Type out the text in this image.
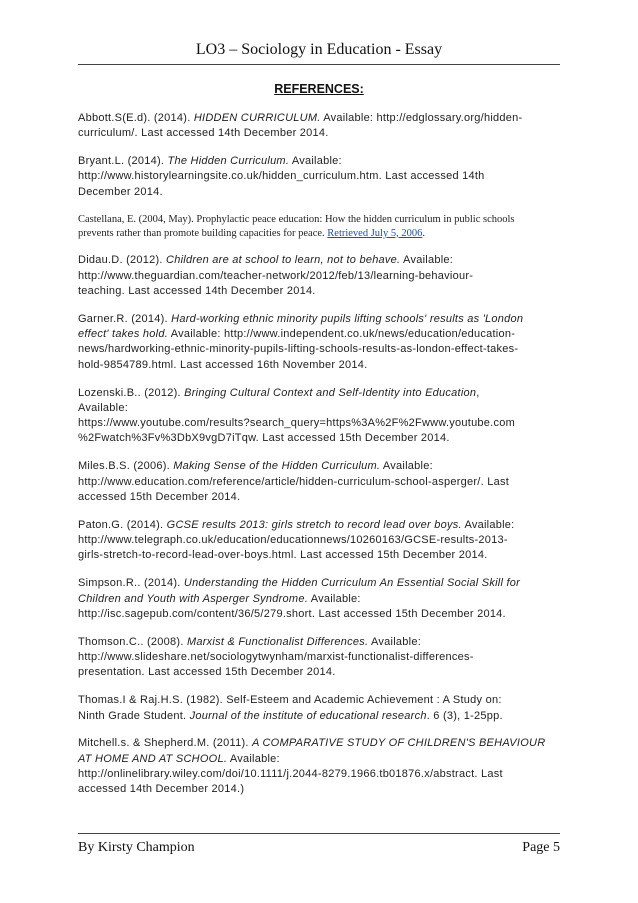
LO3 – Sociology in Education - Essay
REFERENCES:
Abbott.S(E.d). (2014). HIDDEN CURRICULUM. Available: http://edglossary.org/hidden-
curriculum/. Last accessed 14th December 2014.
Bryant.L. (2014). The Hidden Curriculum. Available:
http://www.historylearningsite.co.uk/hidden_curriculum.htm. Last accessed 14th
December 2014.
Castellana, E. (2004, May). Prophylactic peace education: How the hidden curriculum in public schools
prevents rather than promote building capacities for peace. Retrieved July 5, 2006.
Didau.D. (2012). Children are at school to learn, not to behave. Available:
http://www.theguardian.com/teacher-network/2012/feb/13/learning-behaviour-
teaching. Last accessed 14th December 2014.
Garner.R. (2014). Hard-working ethnic minority pupils lifting schools' results as 'London
effect' takes hold. Available: http://www.independent.co.uk/news/education/education-
news/hardworking-ethnic-minority-pupils-lifting-schools-results-as-london-effect-takes-
hold-9854789.html. Last accessed 16th November 2014.
Lozenski.B.. (2012). Bringing Cultural Context and Self-Identity into Education,
Available:
https://www.youtube.com/results?search_query=https%3A%2F%2Fwww.youtube.com
%2Fwatch%3Fv%3DbX9vgD7iTqw. Last accessed 15th December 2014.
Miles.B.S. (2006). Making Sense of the Hidden Curriculum. Available:
http://www.education.com/reference/article/hidden-curriculum-school-asperger/. Last
accessed 15th December 2014.
Paton.G. (2014). GCSE results 2013: girls stretch to record lead over boys. Available:
http://www.telegraph.co.uk/education/educationnews/10260163/GCSE-results-2013-
girls-stretch-to-record-lead-over-boys.html. Last accessed 15th December 2014.
Simpson.R.. (2014). Understanding the Hidden Curriculum An Essential Social Skill for
Children and Youth with Asperger Syndrome. Available:
http://isc.sagepub.com/content/36/5/279.short. Last accessed 15th December 2014.
Thomson.C.. (2008). Marxist & Functionalist Differences. Available:
http://www.slideshare.net/sociologytwynham/marxist-functionalist-differences-
presentation. Last accessed 15th December 2014.
Thomas.I & Raj.H.S. (1982). Self-Esteem and Academic Achievement : A Study on:
Ninth Grade Student. Journal of the institute of educational research. 6 (3), 1-25pp.
Mitchell.s. & Shepherd.M. (2011). A COMPARATIVE STUDY OF CHILDREN'S BEHAVIOUR
AT HOME AND AT SCHOOL. Available:
http://onlinelibrary.wiley.com/doi/10.1111/j.2044-8279.1966.tb01876.x/abstract. Last
accessed 14th December 2014.)
By Kirsty Champion	Page 5
